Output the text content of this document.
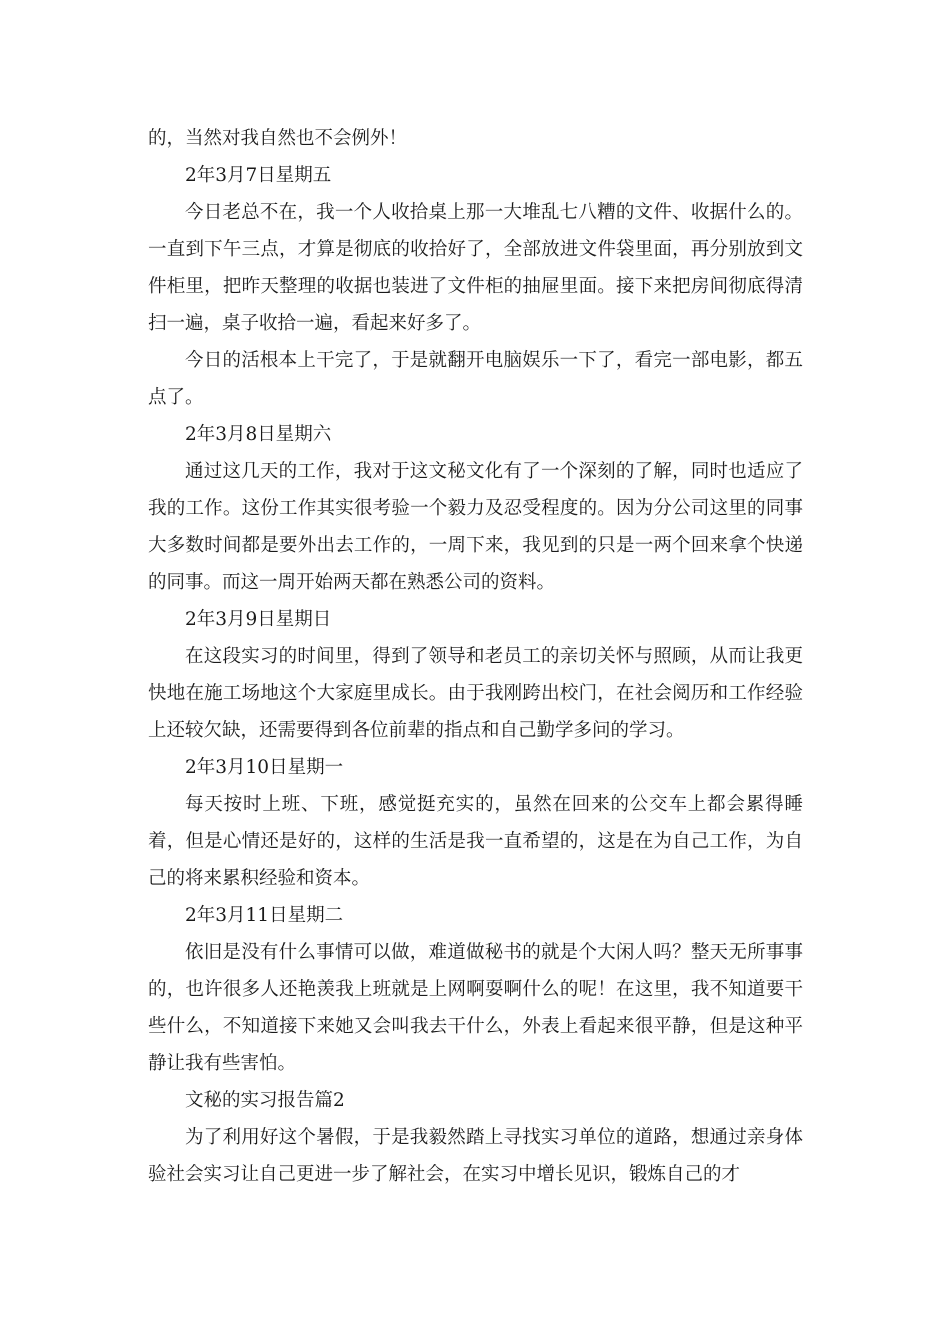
的，当然对我自然也不会例外！

2年3月7日星期五

今日老总不在，我一个人收拾桌上那一大堆乱七八糟的文件、收据什么的。一直到下午三点，才算是彻底的收拾好了，全部放进文件袋里面，再分别放到文件柜里，把昨天整理的收据也装进了文件柜的抽屉里面。接下来把房间彻底得清扫一遍，桌子收拾一遍，看起来好多了。

今日的活根本上干完了，于是就翻开电脑娱乐一下了，看完一部电影，都五点了。

2年3月8日星期六

通过这几天的工作，我对于这文秘文化有了一个深刻的了解，同时也适应了我的工作。这份工作其实很考验一个毅力及忍受程度的。因为分公司这里的同事大多数时间都是要外出去工作的，一周下来，我见到的只是一两个回来拿个快递的同事。而这一周开始两天都在熟悉公司的资料。

2年3月9日星期日

在这段实习的时间里，得到了领导和老员工的亲切关怀与照顾，从而让我更快地在施工场地这个大家庭里成长。由于我刚跨出校门，在社会阅历和工作经验上还较欠缺，还需要得到各位前辈的指点和自己勤学多问的学习。

2年3月10日星期一

每天按时上班、下班，感觉挺充实的，虽然在回来的公交车上都会累得睡着，但是心情还是好的，这样的生活是我一直希望的，这是在为自己工作，为自己的将来累积经验和资本。

2年3月11日星期二

依旧是没有什么事情可以做，难道做秘书的就是个大闲人吗？整天无所事事的，也许很多人还艳羡我上班就是上网啊耍啊什么的呢！在这里，我不知道要干些什么，不知道接下来她又会叫我去干什么，外表上看起来很平静，但是这种平静让我有些害怕。

文秘的实习报告篇2

为了利用好这个暑假，于是我毅然踏上寻找实习单位的道路，想通过亲身体验社会实习让自己更进一步了解社会，在实习中增长见识，锻炼自己的才
